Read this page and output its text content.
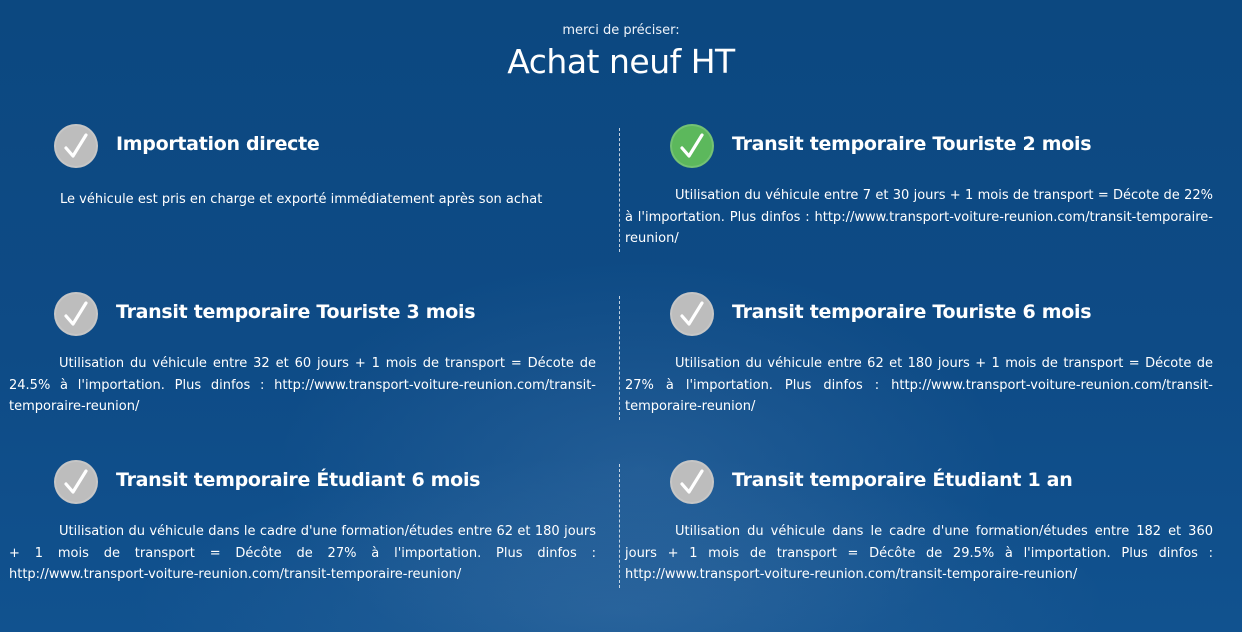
merci de préciser:
Achat neuf HT
Importation directe
Le véhicule est pris en charge et exporté immédiatement après son achat
Transit temporaire Touriste 2 mois
Utilisation du véhicule entre 7 et 30 jours + 1 mois de transport = Décote de 22% à l'importation. Plus dinfos : http://www.transport-voiture-reunion.com/transit-temporaire-reunion/
Transit temporaire Touriste 3 mois
Utilisation du véhicule entre 32 et 60 jours + 1 mois de transport = Décote de 24.5% à l'importation. Plus dinfos : http://www.transport-voiture-reunion.com/transit-temporaire-reunion/
Transit temporaire Touriste 6 mois
Utilisation du véhicule entre 62 et 180 jours + 1 mois de transport = Décote de 27% à l'importation. Plus dinfos : http://www.transport-voiture-reunion.com/transit-temporaire-reunion/
Transit temporaire Étudiant 6 mois
Utilisation du véhicule dans le cadre d'une formation/études entre 62 et 180 jours + 1 mois de transport = Décôte de 27% à l'importation. Plus dinfos : http://www.transport-voiture-reunion.com/transit-temporaire-reunion/
Transit temporaire Étudiant 1 an
Utilisation du véhicule dans le cadre d'une formation/études entre 182 et 360 jours + 1 mois de transport = Décôte de 29.5% à l'importation. Plus dinfos : http://www.transport-voiture-reunion.com/transit-temporaire-reunion/
